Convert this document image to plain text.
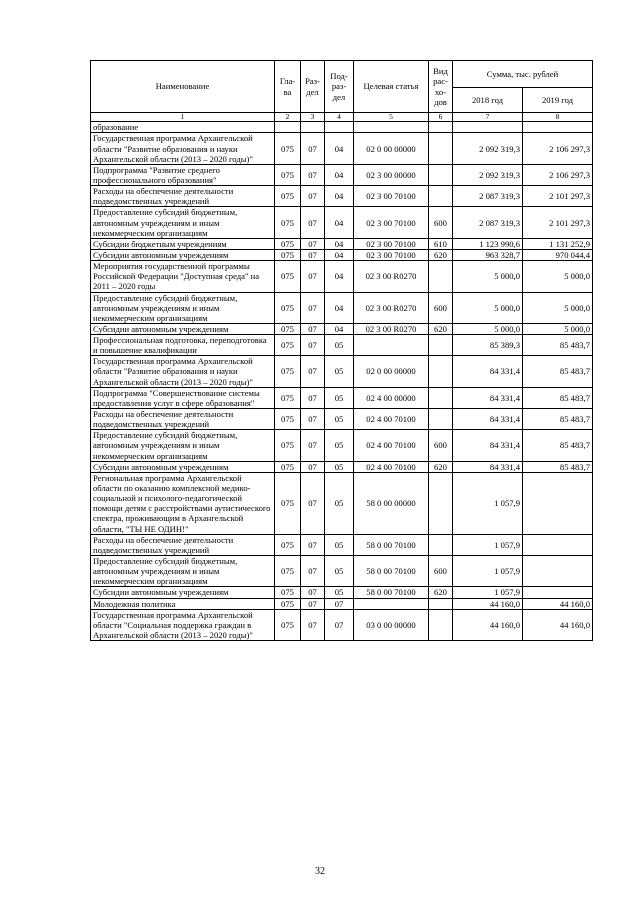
Наименование	Гла-ва	Раз-дел	Под-раз-дел	Целевая статья	Вид рас-хо-дов	Сумма, тыс. рублей	
						2018 год	2019 год
1	2	3	4	5	6	7	8
образование							
Государственная программа Архангельской области "Развитие образования и науки Архангельской области (2013 – 2020 годы)"	075	07	04	02 0 00 00000		2 092 319,3	2 106 297,3
Подпрограмма "Развитие среднего профессионального образования"	075	07	04	02 3 00 00000		2 092 319,3	2 106 297,3
Расходы на обеспечение деятельности подведомственных учреждений	075	07	04	02 3 00 70100		2 087 319,3	2 101 297,3
Предоставление субсидий бюджетным, автономным учреждениям и иным некоммерческим организациям	075	07	04	02 3 00 70100	600	2 087 319,3	2 101 297,3
Субсидии бюджетным учреждениям	075	07	04	02 3 00 70100	610	1 123 990,6	1 131 252,9
Субсидии автономным учреждениям	075	07	04	02 3 00 70100	620	963 328,7	970 044,4
Мероприятия государственной программы Российской Федерации "Доступная среда" на 2011 – 2020 годы	075	07	04	02 3 00 R0270		5 000,0	5 000,0
Предоставление субсидий бюджетным, автономным учреждениям и иным некоммерческим организациям	075	07	04	02 3 00 R0270	600	5 000,0	5 000,0
Субсидии автономным учреждениям	075	07	04	02 3 00 R0270	620	5 000,0	5 000,0
Профессиональная подготовка, переподготовка и повышение квалификации	075	07	05			85 389,3	85 483,7
Государственная программа Архангельской области "Развитие образования и науки Архангельской области (2013 – 2020 годы)"	075	07	05	02 0 00 00000		84 331,4	85 483,7
Подпрограмма "Совершенствование системы предоставления услуг в сфере образования"	075	07	05	02 4 00 00000		84 331,4	85 483,7
Расходы на обеспечение деятельности подведомственных учреждений	075	07	05	02 4 00 70100		84 331,4	85 483,7
Предоставление субсидий бюджетным, автономным учреждениям и иным некоммерческим организациям	075	07	05	02 4 00 70100	600	84 331,4	85 483,7
Субсидии автономным учреждениям	075	07	05	02 4 00 70100	620	84 331,4	85 483,7
Региональная программа Архангельской области по оказанию комплексной медико-социальной и психолого-педагогической помощи детям с расстройствами аутистического спектра, проживающим в Архангельской области, "ТЫ НЕ ОДИН!"	075	07	05	58 0 00 00000		1 057,9	
Расходы на обеспечение деятельности подведомственных учреждений	075	07	05	58 0 00 70100		1 057,9	
Предоставление субсидий бюджетным, автономным учреждениям и иным некоммерческим организациям	075	07	05	58 0 00 70100	600	1 057,9	
Субсидии автономным учреждениям	075	07	05	58 0 00 70100	620	1 057,9	
Молодежная политика	075	07	07			44 160,0	44 160,0
Государственная программа Архангельской области "Социальная поддержка граждан в Архангельской области (2013 – 2020 годы)"	075	07	07	03 0 00 00000		44 160,0	44 160,0
32
